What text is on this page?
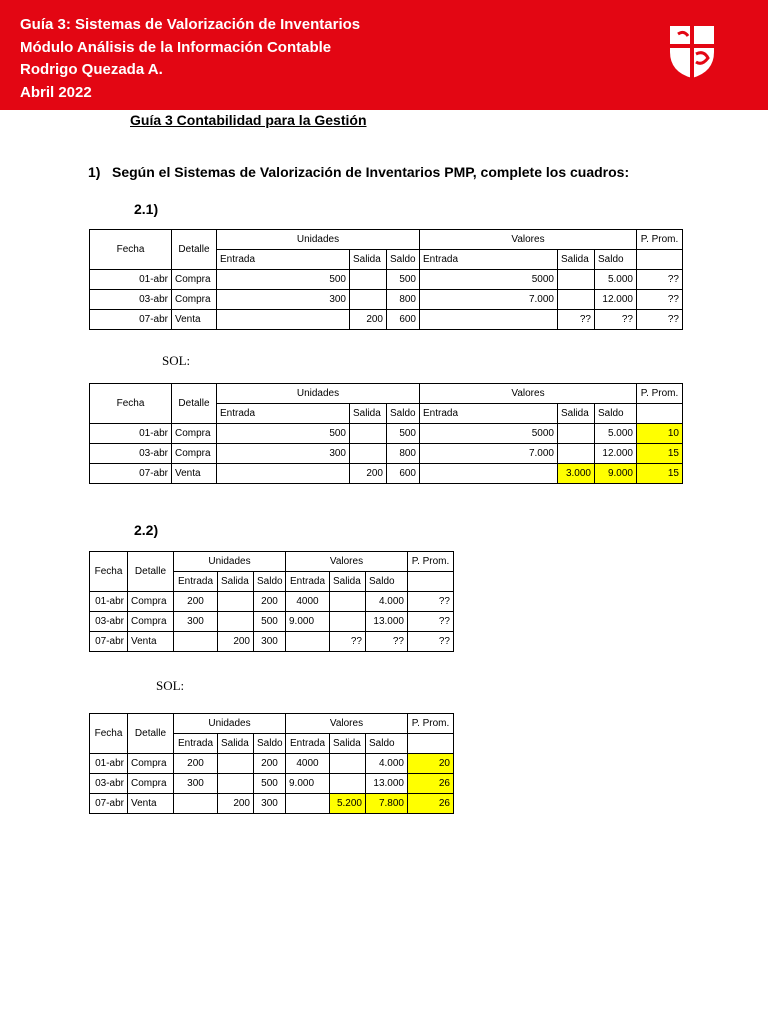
Guía 3: Sistemas de Valorización de Inventarios
Módulo Análisis de la Información Contable
Rodrigo Quezada A.
Abril 2022
Guía 3 Contabilidad para la Gestión
1) Según el Sistemas de Valorización de Inventarios PMP, complete los cuadros:
2.1)
SOL:
2.2)
SOL:
Fecha	Detalle	Unidades			Valores			P. Prom.
		Entrada	Salida	Saldo	Entrada	Salida	Saldo	
01-abr	Compra	500		500	5000		5.000	??
03-abr	Compra	300		800	7.000		12.000	??
07-abr	Venta		200	600		??	??	??
Fecha	Detalle	Unidades			Valores			P. Prom.
		Entrada	Salida	Saldo	Entrada	Salida	Saldo	
01-abr	Compra	500		500	5000		5.000	10
03-abr	Compra	300		800	7.000		12.000	15
07-abr	Venta		200	600		3.000	9.000	15
Fecha	Detalle	Unidades			Valores			P. Prom.
		Entrada	Salida	Saldo	Entrada	Salida	Saldo	
01-abr	Compra	200		200	4000		4.000	??
03-abr	Compra	300		500	9.000		13.000	??
07-abr	Venta		200	300		??	??	??
Fecha	Detalle	Unidades			Valores			P. Prom.
		Entrada	Salida	Saldo	Entrada	Salida	Saldo	
01-abr	Compra	200		200	4000		4.000	20
03-abr	Compra	300		500	9.000		13.000	26
07-abr	Venta		200	300		5.200	7.800	26
